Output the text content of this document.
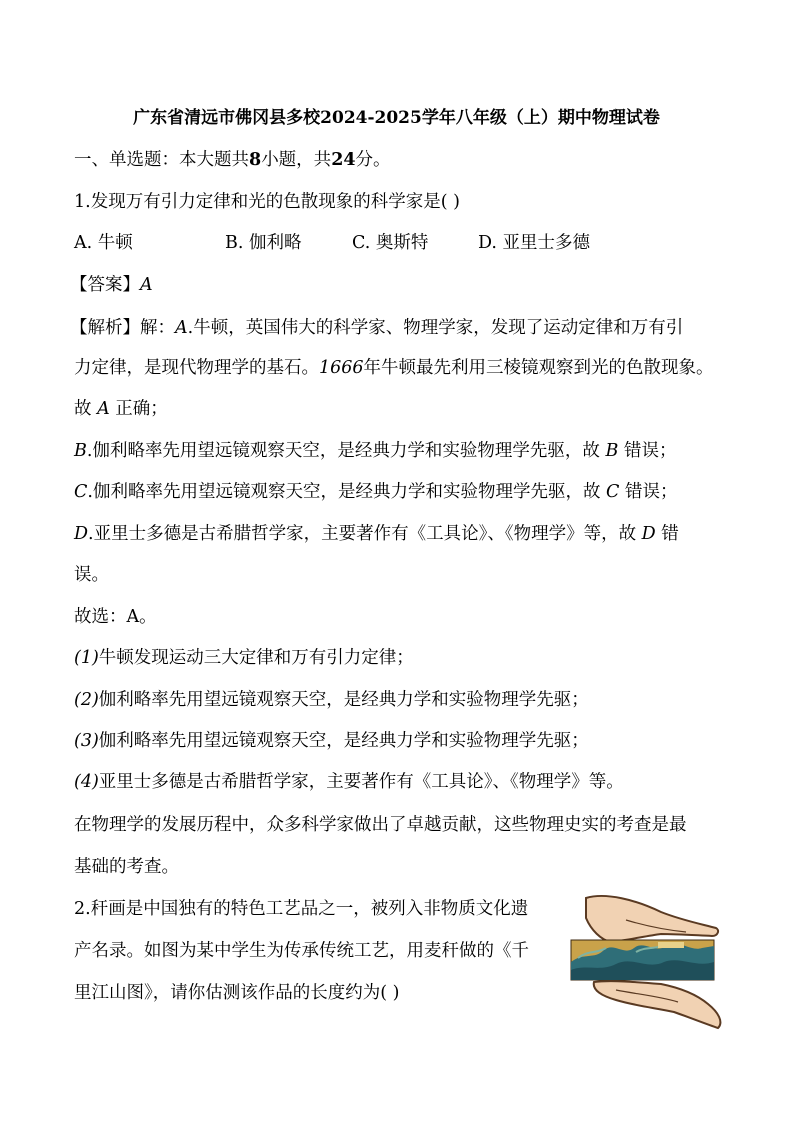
广东省清远市佛冈县多校2024-2025学年八年级（上）期中物理试卷
一、单选题：本大题共8小题，共24分。
1.发现万有引力定律和光的色散现象的科学家是( )
A. 牛顿	B. 伽利略	C. 奥斯特	D. 亚里士多德
【答案】A
【解析】解：A.牛顿，英国伟大的科学家、物理学家，发现了运动定律和万有引
力定律，是现代物理学的基石。1666年牛顿最先利用三棱镜观察到光的色散现象。
故 A 正确；
B.伽利略率先用望远镜观察天空，是经典力学和实验物理学先驱，故 B 错误；
C.伽利略率先用望远镜观察天空，是经典力学和实验物理学先驱，故 C 错误；
D.亚里士多德是古希腊哲学家，主要著作有《工具论》、《物理学》等，故 D 错
误。
故选：A。
(1)牛顿发现运动三大定律和万有引力定律；
(2)伽利略率先用望远镜观察天空，是经典力学和实验物理学先驱；
(3)伽利略率先用望远镜观察天空，是经典力学和实验物理学先驱；
(4)亚里士多德是古希腊哲学家，主要著作有《工具论》、《物理学》等。
在物理学的发展历程中，众多科学家做出了卓越贡献，这些物理史实的考查是最
基础的考查。
2.秆画是中国独有的特色工艺品之一，被列入非物质文化遗
产名录。如图为某中学生为传承传统工艺，用麦秆做的《千
里江山图》，请你估测该作品的长度约为( )
